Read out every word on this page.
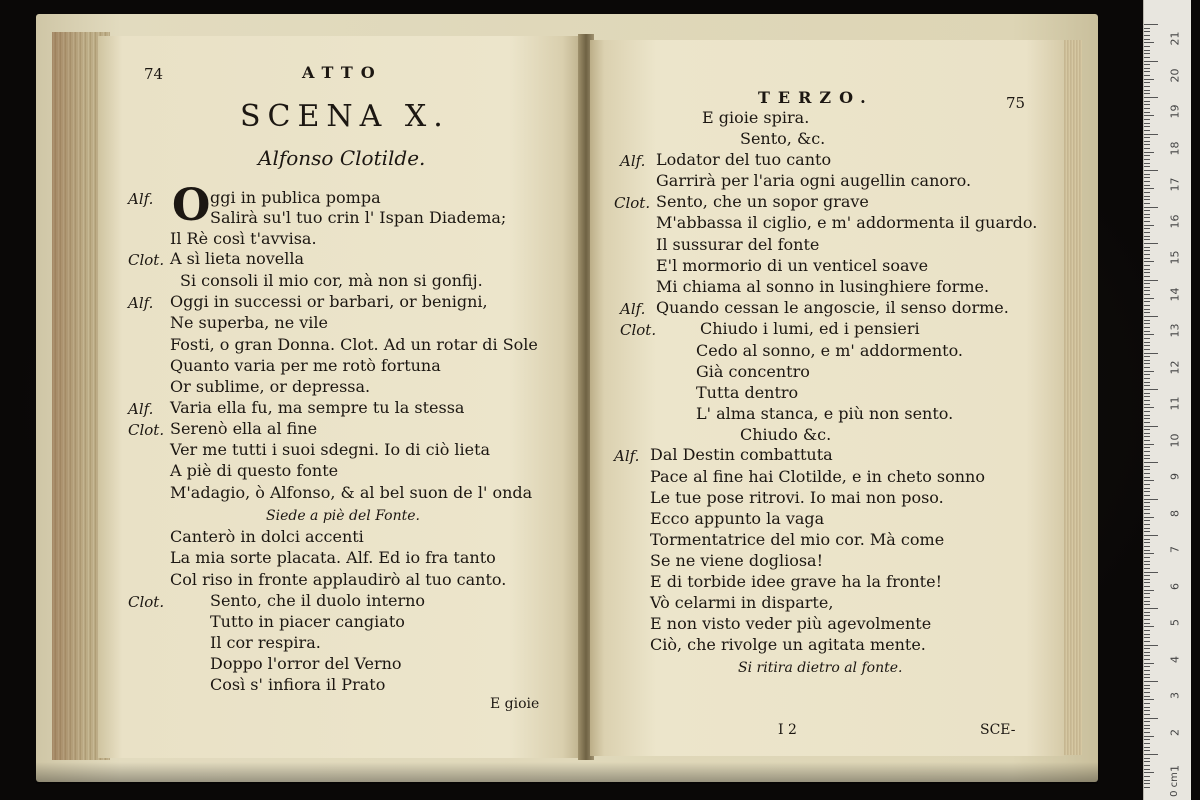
74	ATTO
SCENA X.
Alfonso Clotilde.
O
Alf.	ggi in publica pompa
Salirà su'l tuo crin l' Ispan Diadema;
Il Rè così t'avvisa.
Clot. A sì lieta novella
Si consoli il mio cor, mà non si gonfij.
Alf. Oggi in successi or barbari, or benigni,
Ne superba, ne vile
Fosti, o gran Donna. Clot. Ad un rotar di Sole
Quanto varia per me rotò fortuna
Or sublime, or depressa.
Alf. Varia ella fu, ma sempre tu la stessa
Clot. Serenò ella al fine
Ver me tutti i suoi sdegni. Io di ciò lieta
A piè di questo fonte
M'adagio, ò Alfonso, & al bel suon de l' onda
Siede a piè del Fonte.
Canterò in dolci accenti
La mia sorte placata. Alf. Ed io fra tanto
Col riso in fronte applaudirò al tuo canto.
Clot.	Sento, che il duolo interno
Tutto in piacer cangiato
Il cor respira.
Doppo l'orror del Verno
Così s' infiora il Prato
E gioie
TERZO.	75
E gioie spira.
Sento, &c.
Alf. Lodator del tuo canto
Garrirà per l'aria ogni augellin canoro.
Clot. Sento, che un sopor grave
M'abbassa il ciglio, e m' addormenta il guardo.
Il sussurar del fonte
E'l mormorio di un venticel soave
Mi chiama al sonno in lusinghiere forme.
Alf. Quando cessan le angoscie, il senso dorme.
Clot.	Chiudo i lumi, ed i pensieri
Cedo al sonno, e m' addormento.
Già concentro
Tutta dentro
L' alma stanca, e più non sento.
Chiudo &c.
Alf. Dal Destin combattuta
Pace al fine hai Clotilde, e in cheto sonno
Le tue pose ritrovi. Io mai non poso.
Ecco appunto la vaga
Tormentatrice del mio cor. Mà come
Se ne viene dogliosa!
E di torbide idee grave ha la fronte!
Vò celarmi in disparte,
E non visto veder più agevolmente
Ciò, che rivolge un agitata mente.
Si ritira dietro al fonte.
I 2	SCE-
0 cm
21
20
19
18
17
16
15
14
13
12
11
10
9
8
7
6
5
4
3
2
1
